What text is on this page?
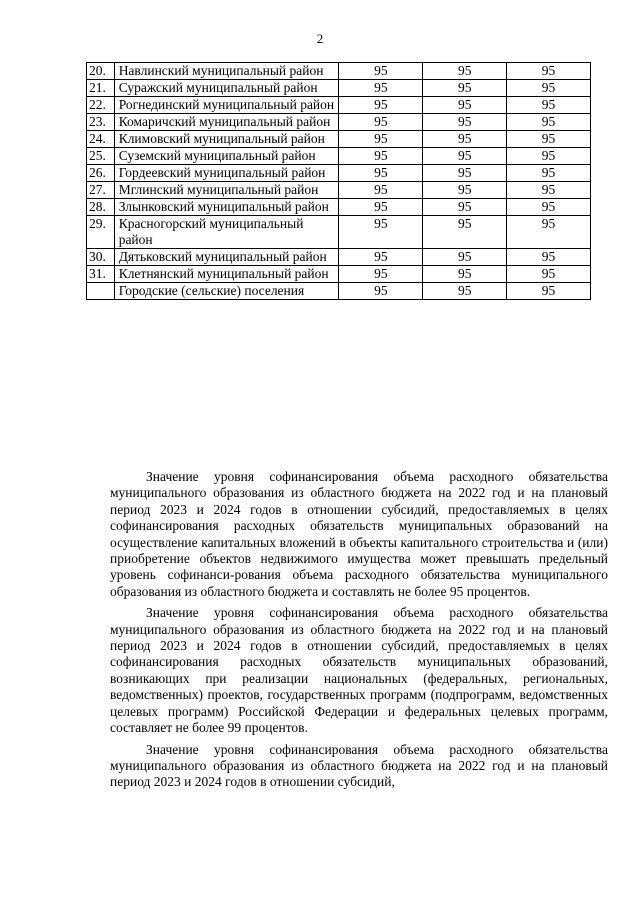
2
20.	Навлинский муниципальный район	95	95	95
21.	Суражский муниципальный район	95	95	95
22.	Рогнединский муниципальный район	95	95	95
23.	Комаричский муниципальный район	95	95	95
24.	Климовский муниципальный район	95	95	95
25.	Суземский муниципальный район	95	95	95
26.	Гордеевский муниципальный район	95	95	95
27.	Мглинский муниципальный район	95	95	95
28.	Злынковский муниципальный район	95	95	95
29.	Красногорский муниципальный район	95	95	95
30.	Дятьковский муниципальный район	95	95	95
31.	Клетнянский муниципальный район	95	95	95
	Городские (сельские) поселения	95	95	95

Значение уровня софинансирования объема расходного обязательства муниципального образования из областного бюджета на 2022 год и на плановый период 2023 и 2024 годов в отношении субсидий, предоставляемых в целях софинансирования расходных обязательств муниципальных образований на осуществление капитальных вложений в объекты капитального строительства и (или) приобретение объектов недвижимого имущества может превышать предельный уровень софинанси-рования объема расходного обязательства муниципального образования из областного бюджета и составлять не более 95 процентов.

Значение уровня софинансирования объема расходного обязательства муниципального образования из областного бюджета на 2022 год и на плановый период 2023 и 2024 годов в отношении субсидий, предоставляемых в целях софинансирования расходных обязательств муниципальных образований, возникающих при реализации национальных (федеральных, региональных, ведомственных) проектов, государственных программ (подпрограмм, ведомственных целевых программ) Российской Федерации и федеральных целевых программ, составляет не более 99 процентов.

Значение уровня софинансирования объема расходного обязательства муниципального образования из областного бюджета на 2022 год и на плановый период 2023 и 2024 годов в отношении субсидий,
